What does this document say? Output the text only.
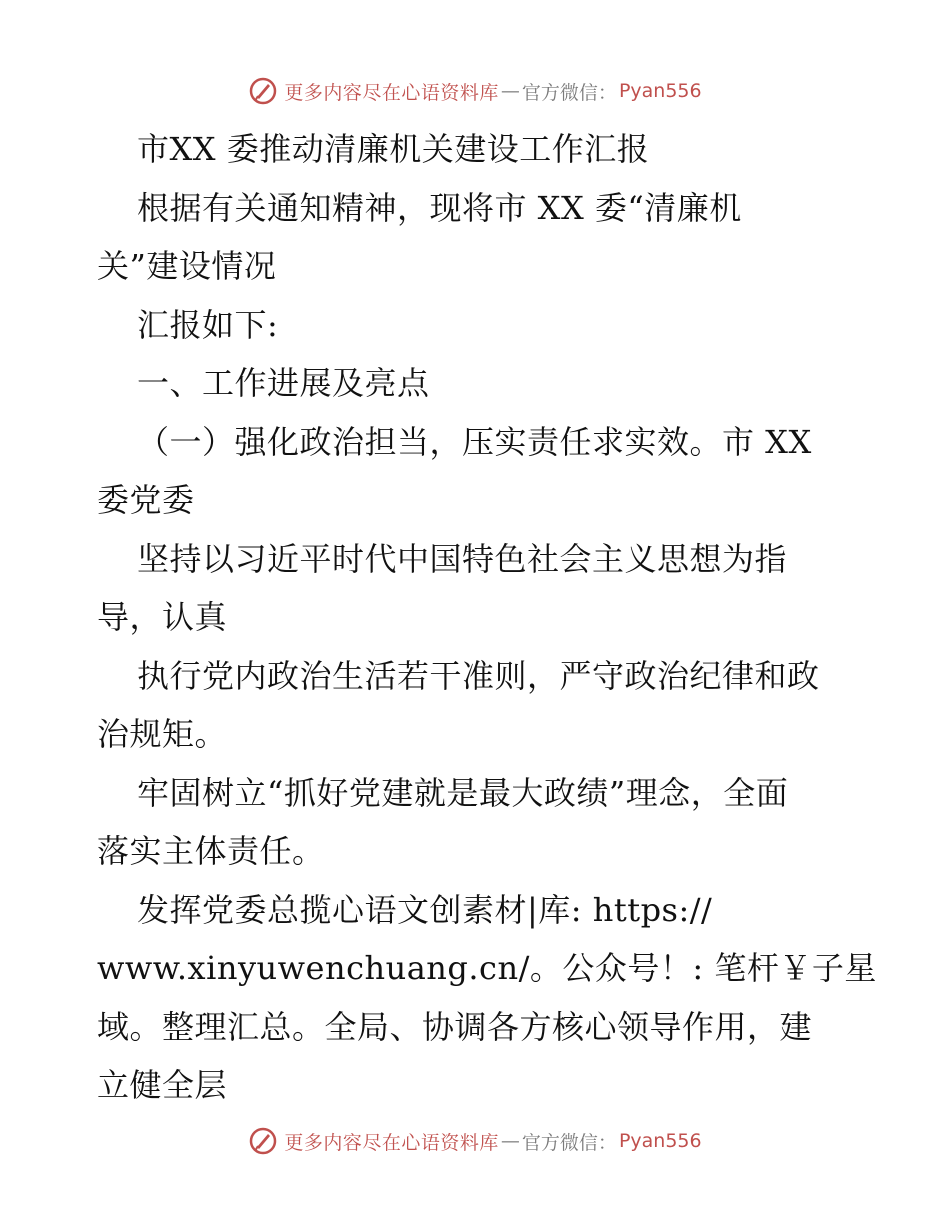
更多内容尽在心语资料库 — 官方微信： Pyan556
市XX 委推动清廉机关建设工作汇报
根据有关通知精神，现将市 XX 委“清廉机
关”建设情况
汇报如下:
一、工作进展及亮点
（一）强化政治担当，压实责任求实效。市 XX
委党委
坚持以习近平时代中国特色社会主义思想为指
导，认真
执行党内政治生活若干准则，严守政治纪律和政
治规矩。
牢固树立“抓好党建就是最大政绩”理念，全面
落实主体责任。
发挥党委总揽心语文创素材|库: https://
www.xinyuwenchuang.cn/。公众号！: 笔杆￥子星
域。整理汇总。全局、协调各方核心领导作用，建
立健全层
更多内容尽在心语资料库 — 官方微信： Pyan556
